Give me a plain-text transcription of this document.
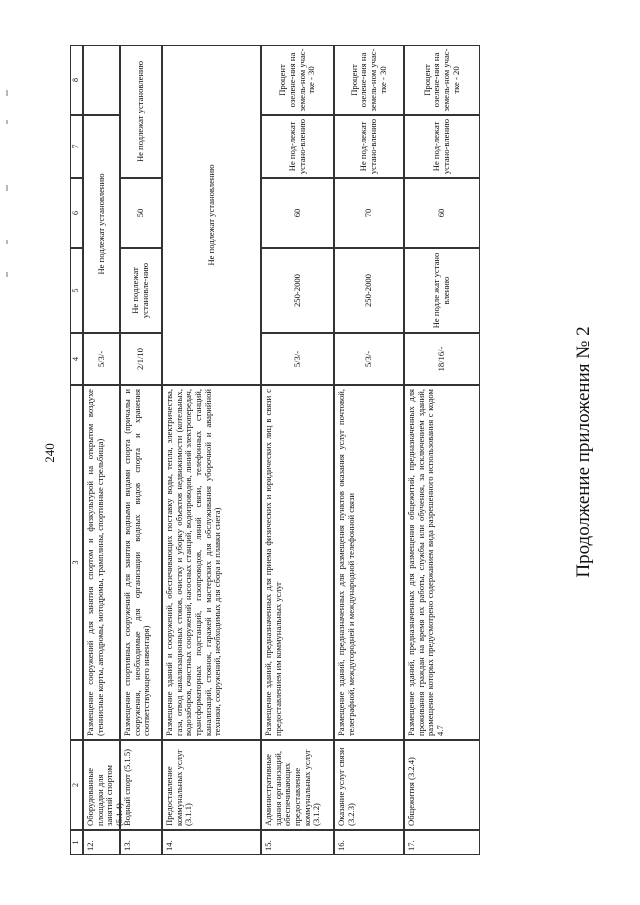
Продолжение приложения № 2
240
1
2
3
4
5
6
7
8
12.
Оборудованные площадки для занятий спортом (5.1.4)
Размещение сооружений для занятия спортом и физкультурой на открытом воздухе (теннисные корты, автодромы, мотодромы, трамплины, спортивные стрельбища)
5/3/-
Не подлежат установлению
13.
Водный спорт (5.1.5)
Размещение спортивных сооружений для занятия водными видами спорта (причалы и сооружения, необходимые для организации водных видов спорта и хранения соответствующего инвентаря)
2/1/10
Не подлежат установле-нию
50
Не подлежат установлению
14.
Предоставление коммунальных услуг (3.1.1)
Размещение зданий и сооружений, обеспечивающих поставку воды, тепла, электричества, газа, отвод канализационных стоков, очистку и уборку объектов недвижимости (котельных, водозаборов, очистных сооружений, насосных станций, водопроводов, линий электропередач, трансформаторных подстанций, газопроводов, линий связи, телефонных станций, канализаций, стоянок, гаражей и мастерских для обслуживания уборочной и аварийной техники, сооружений, необходимых для сбора и плавки снега)
Не подлежат установлению
15.
Административные здания организаций, обеспечивающих предоставление коммунальных услуг (3.1.2)
Размещение зданий, предназначенных для приема физических и юридических лиц в связи с предоставлением им коммунальных услуг
5/3/-
250-2000
60
Не под-лежат устано-влению
Процент озелене-ния на земель-ном учас-тке - 30
16.
Оказание услуг связи (3.2.3)
Размещение зданий, предназначенных для размещения пунктов оказания услуг почтовой, телеграфной, междугородней и международной телефонной связи
5/3/-
250-2000
70
Не под-лежат устано-влению
Процент озелене-ния на земель-ном учас-тке - 30
17.
Общежития (3.2.4)
Размещение зданий, предназначенных для размещения общежитий, предназначенных для проживания граждан на время их работы, службы или обучения, за исключением зданий, размещение которых предусмотрено содержанием вида разрешенного использования с кодом 4.7
18/16/-
Не подле жат устано влению
60
Не под-лежат устано-влению
Процент озелене-ния на земель-ном учас-тке - 20
